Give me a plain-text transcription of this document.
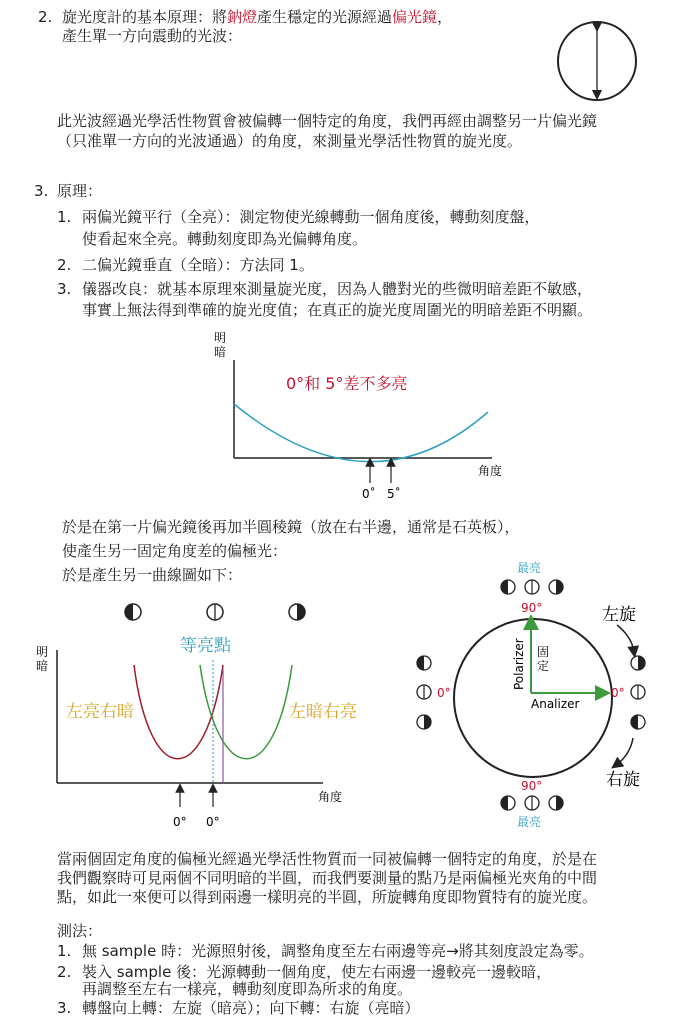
2. 旋光度計的基本原理：將鈉燈產生穩定的光源經過偏光鏡，
產生單一方向震動的光波：
此光波經過光學活性物質會被偏轉一個特定的角度，我們再經由調整另一片偏光鏡
（只准單一方向的光波通過）的角度，來測量光學活性物質的旋光度。
3. 原理：
1. 兩偏光鏡平行（全亮）：測定物使光線轉動一個角度後，轉動刻度盤，
使看起來全亮。轉動刻度即為光偏轉角度。
2. 二偏光鏡垂直（全暗）：方法同 1。
3. 儀器改良：就基本原理來測量旋光度，因為人體對光的些微明暗差距不敏感，
事實上無法得到準確的旋光度值；在真正的旋光度周圍光的明暗差距不明顯。
於是在第一片偏光鏡後再加半圓稜鏡（放在右半邊，通常是石英板），
使產生另一固定角度差的偏極光：
於是產生另一曲線圖如下：
當兩個固定角度的偏極光經過光學活性物質而一同被偏轉一個特定的角度，於是在
我們觀察時可見兩個不同明暗的半圓，而我們要測量的點乃是兩偏極光夾角的中間
點，如此一來便可以得到兩邊一樣明亮的半圓，所旋轉角度即物質特有的旋光度。
測法：
1. 無 sample 時：光源照射後，調整角度至左右兩邊等亮→將其刻度設定為零。
2. 裝入 sample 後：光源轉動一個角度，使左右兩邊一邊較亮一邊較暗，
再調整至左右一樣亮，轉動刻度即為所求的角度。
3. 轉盤向上轉：左旋（暗亮）；向下轉：右旋（亮暗）
明
暗
0°和 5°差不多亮
角度
0˚ 5˚
明
暗
等亮點
左亮右暗	左暗右亮
角度
0° 0°
最亮
90°
90°
最亮
0°	0°
Polarizer 固
定
Analizer
左旋
右旋
